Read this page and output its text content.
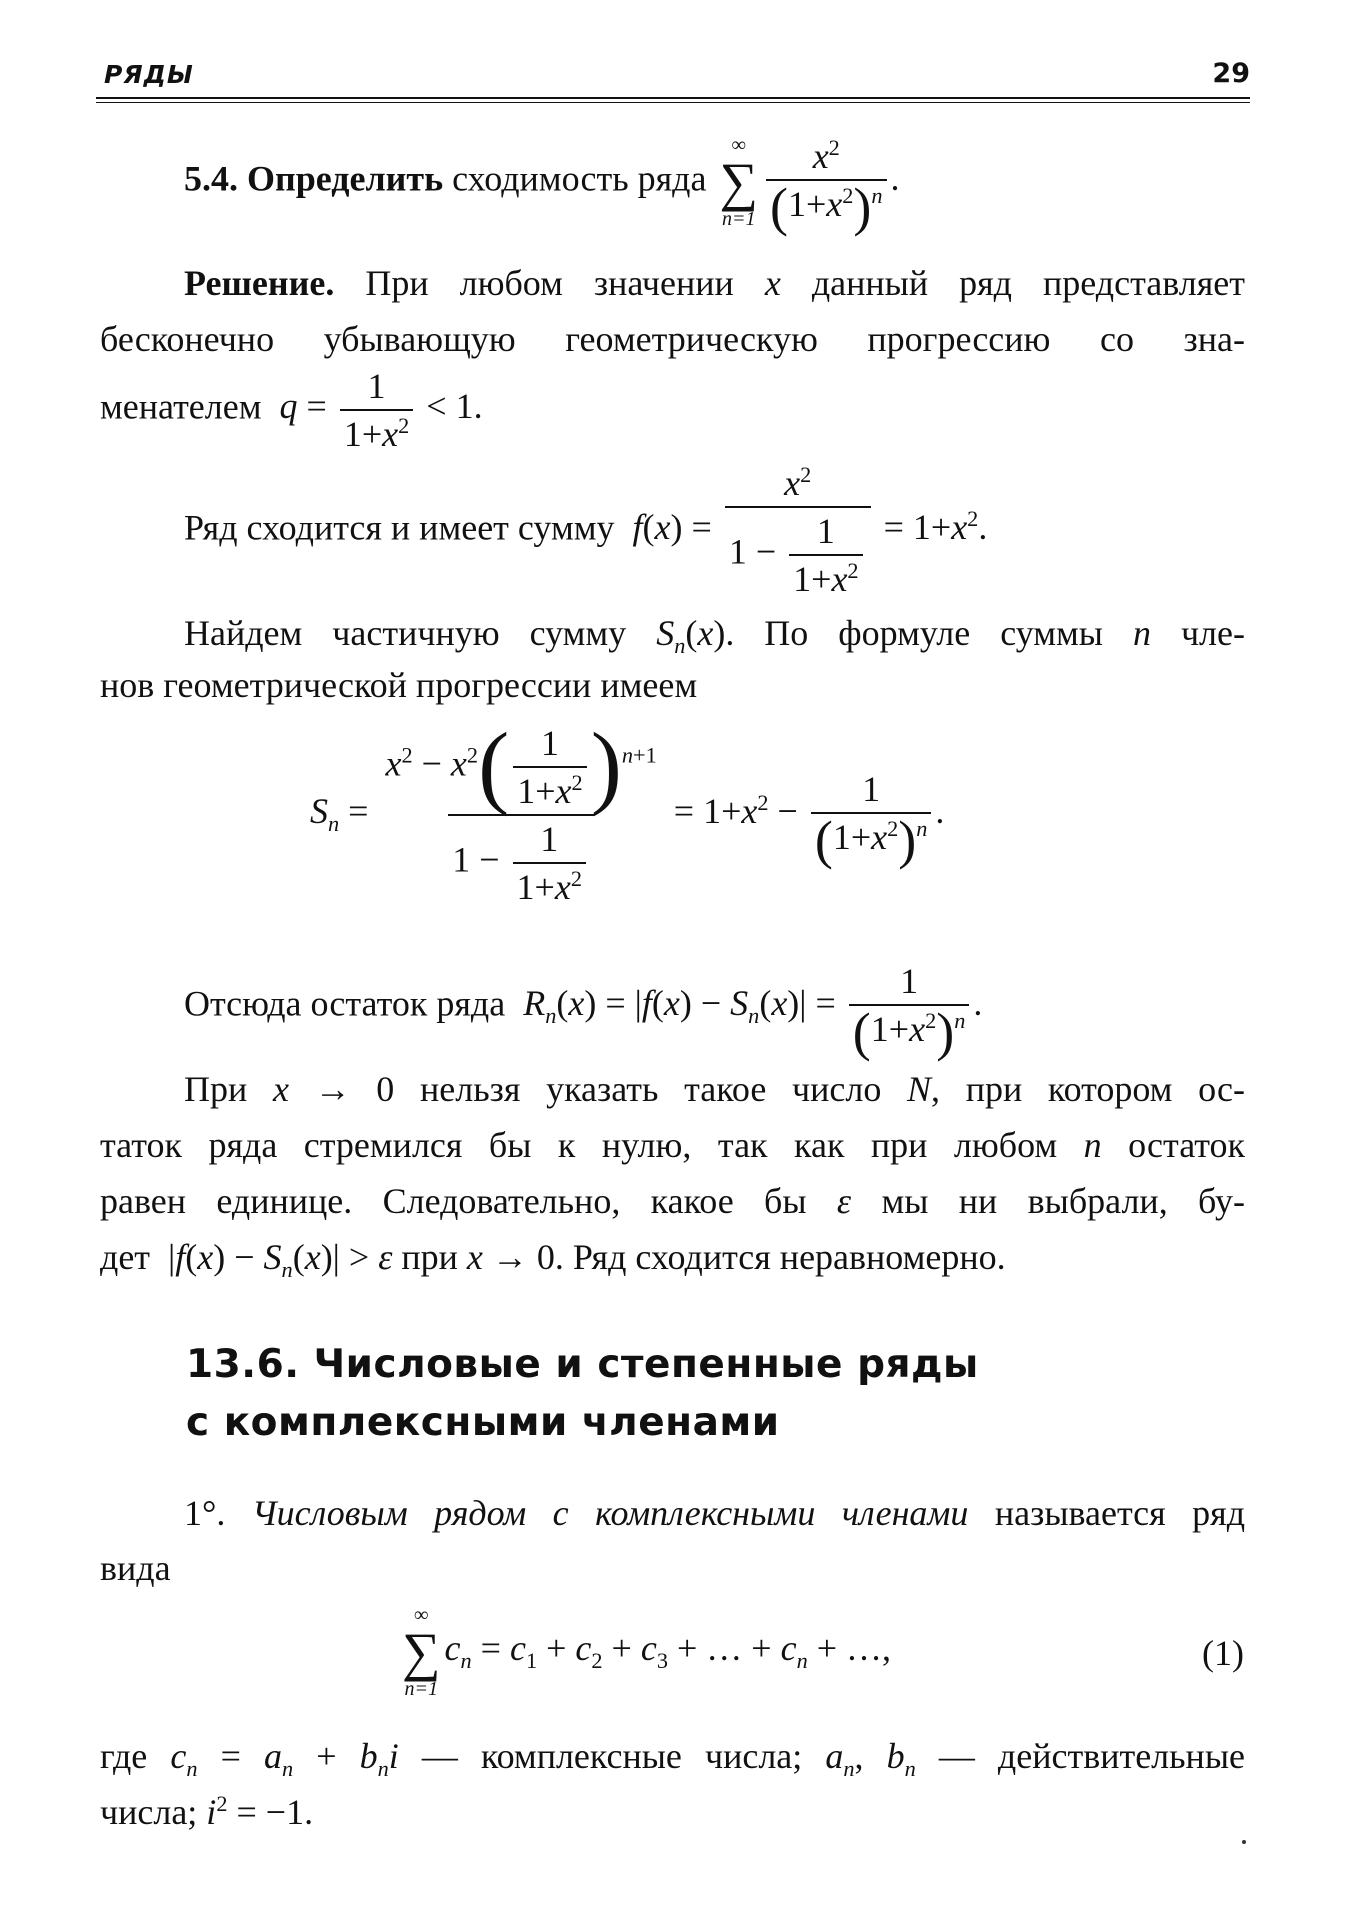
РЯДЫ	29
5.4. Определить сходимость ряда
∞
∑
$n=1 \frac{x^2}{(1+x^2)^n}$ .
Решение. При любом значении x данный ряд представляет
бесконечно убывающую геометрическую прогрессию со зна-
менателем $q = \frac{1}{1+x^2} < 1$.
Ряд сходится и имеет сумму $f(x) = \frac{x^2}{1 - \frac{1}{1+x^2}} = 1+x^2$.
Найдем частичную сумму $S_n(x)$. По формуле суммы n чле-
нов геометрической прогрессии имеем
$S_n = \frac{x^2 - x^2( \frac{1}{1+x^2} )^{n+1}}{1 - \frac{1}{1+x^2}} = 1+x^2 - \frac{1}{(1+x^2)^n}$ .
Отсюда остаток ряда $R_n(x) = |f(x) - S_n(x)| = \frac{1}{(1+x^2)^n}$ .
При x → 0 нельзя указать такое число N, при котором ос-
таток ряда стремился бы к нулю, так как при любом n остаток
равен единице. Следовательно, какое бы ε мы ни выбрали, бу-
дет  $|f(x) - S_n(x)| > \varepsilon$ при x → 0. Ряд сходится неравномерно.
13.6. Числовые и степенные ряды
с комплексными членами
1°. Числовым рядом с комплексными членами называется ряд
вида
∞
∑
n=1
$c_n = c_1 + c_2 + c_3$ + … + $c_n$ + …,	(1)
где $c_n = a_n + b_ni$ — комплексные числа; $a_n$, $b_n$ — действительные
числа; $i^2 = -1$.
